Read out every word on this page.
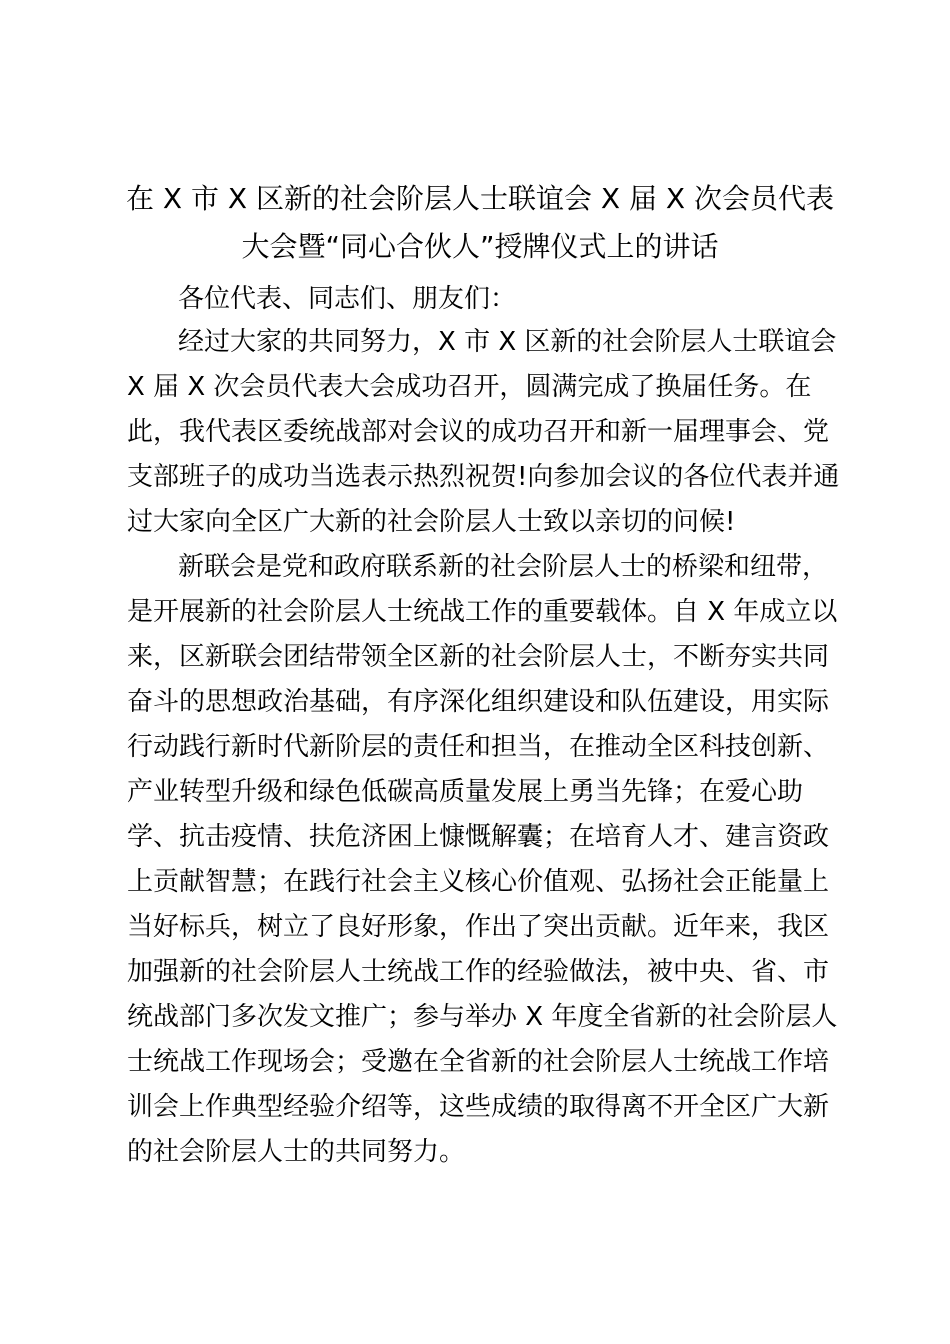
在 X 市 X 区新的社会阶层人士联谊会 X 届 X 次会员代表
大会暨“同心合伙人”授牌仪式上的讲话
各位代表、同志们、朋友们：
经过大家的共同努力，X 市 X 区新的社会阶层人士联谊会
X 届 X 次会员代表大会成功召开，圆满完成了换届任务。在
此，我代表区委统战部对会议的成功召开和新一届理事会、党
支部班子的成功当选表示热烈祝贺!向参加会议的各位代表并通
过大家向全区广大新的社会阶层人士致以亲切的问候!
新联会是党和政府联系新的社会阶层人士的桥梁和纽带，
是开展新的社会阶层人士统战工作的重要载体。自 X 年成立以
来，区新联会团结带领全区新的社会阶层人士，不断夯实共同
奋斗的思想政治基础，有序深化组织建设和队伍建设，用实际
行动践行新时代新阶层的责任和担当，在推动全区科技创新、
产业转型升级和绿色低碳高质量发展上勇当先锋；在爱心助
学、抗击疫情、扶危济困上慷慨解囊；在培育人才、建言资政
上贡献智慧；在践行社会主义核心价值观、弘扬社会正能量上
当好标兵，树立了良好形象，作出了突出贡献。近年来，我区
加强新的社会阶层人士统战工作的经验做法，被中央、省、市
统战部门多次发文推广；参与举办 X 年度全省新的社会阶层人
士统战工作现场会；受邀在全省新的社会阶层人士统战工作培
训会上作典型经验介绍等，这些成绩的取得离不开全区广大新
的社会阶层人士的共同努力。
